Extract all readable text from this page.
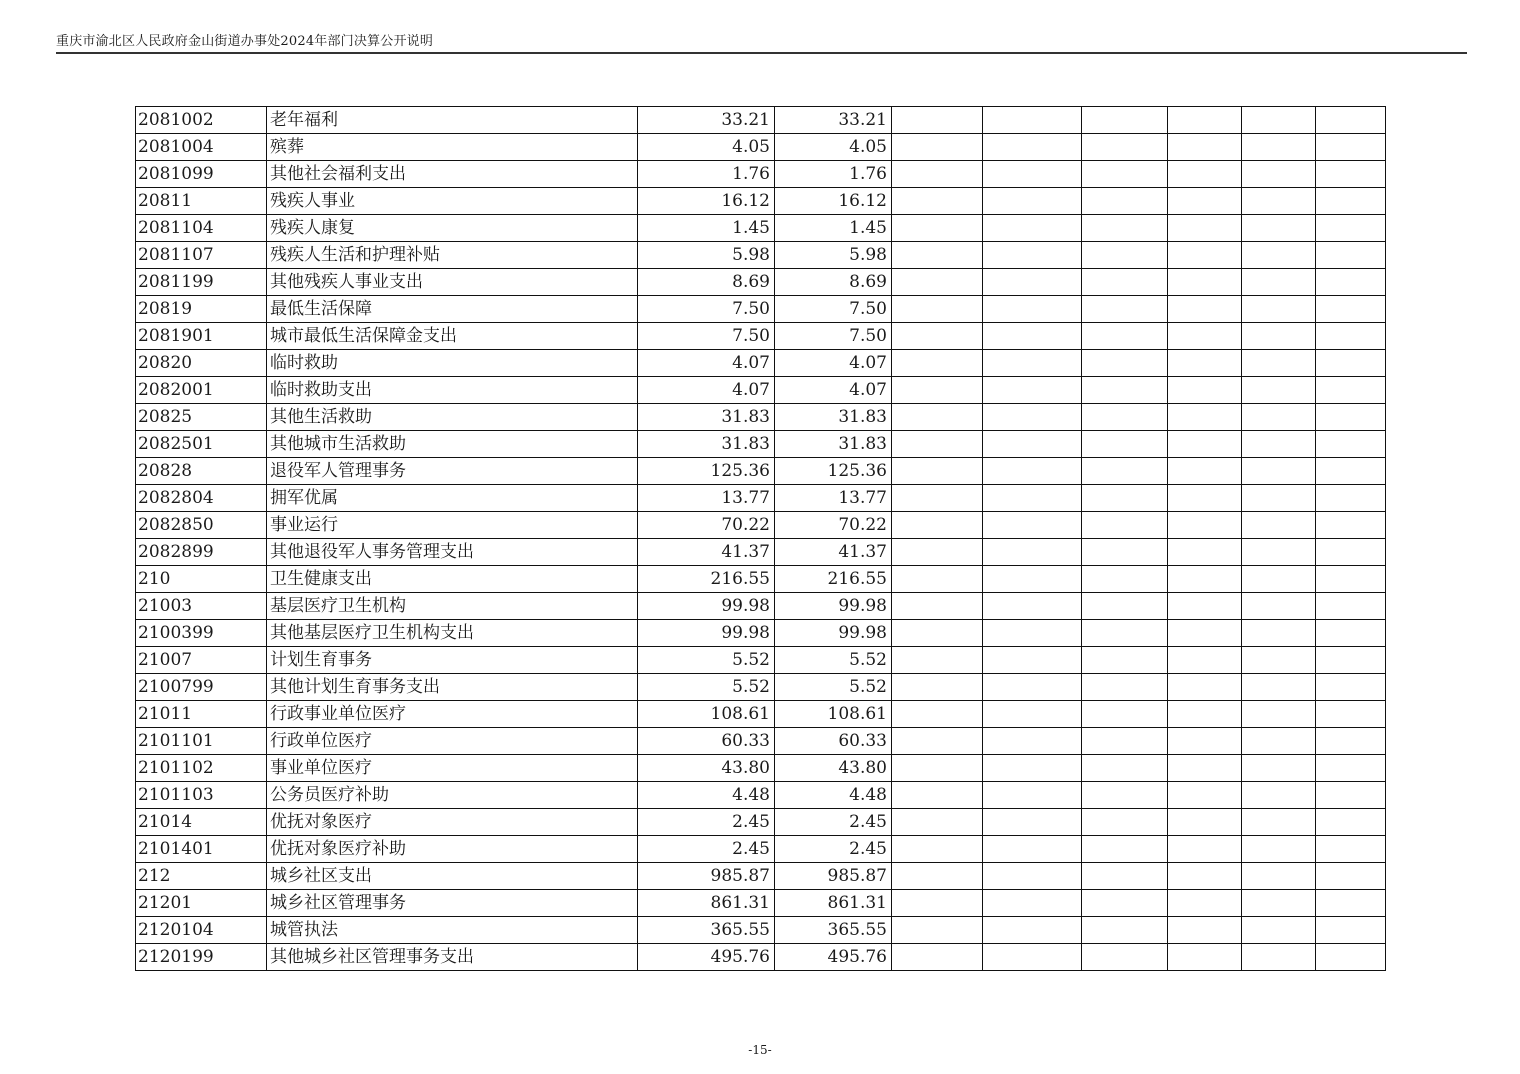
重庆市渝北区人民政府金山街道办事处2024年部门决算公开说明
2081002	老年福利	33.21	33.21						
2081004	殡葬	4.05	4.05						
2081099	其他社会福利支出	1.76	1.76						
20811	残疾人事业	16.12	16.12						
2081104	残疾人康复	1.45	1.45						
2081107	残疾人生活和护理补贴	5.98	5.98						
2081199	其他残疾人事业支出	8.69	8.69						
20819	最低生活保障	7.50	7.50						
2081901	城市最低生活保障金支出	7.50	7.50						
20820	临时救助	4.07	4.07						
2082001	临时救助支出	4.07	4.07						
20825	其他生活救助	31.83	31.83						
2082501	其他城市生活救助	31.83	31.83						
20828	退役军人管理事务	125.36	125.36						
2082804	拥军优属	13.77	13.77						
2082850	事业运行	70.22	70.22						
2082899	其他退役军人事务管理支出	41.37	41.37						
210	卫生健康支出	216.55	216.55						
21003	基层医疗卫生机构	99.98	99.98						
2100399	其他基层医疗卫生机构支出	99.98	99.98						
21007	计划生育事务	5.52	5.52						
2100799	其他计划生育事务支出	5.52	5.52						
21011	行政事业单位医疗	108.61	108.61						
2101101	行政单位医疗	60.33	60.33						
2101102	事业单位医疗	43.80	43.80						
2101103	公务员医疗补助	4.48	4.48						
21014	优抚对象医疗	2.45	2.45						
2101401	优抚对象医疗补助	2.45	2.45						
212	城乡社区支出	985.87	985.87						
21201	城乡社区管理事务	861.31	861.31						
2120104	城管执法	365.55	365.55						
2120199	其他城乡社区管理事务支出	495.76	495.76						
-15-
